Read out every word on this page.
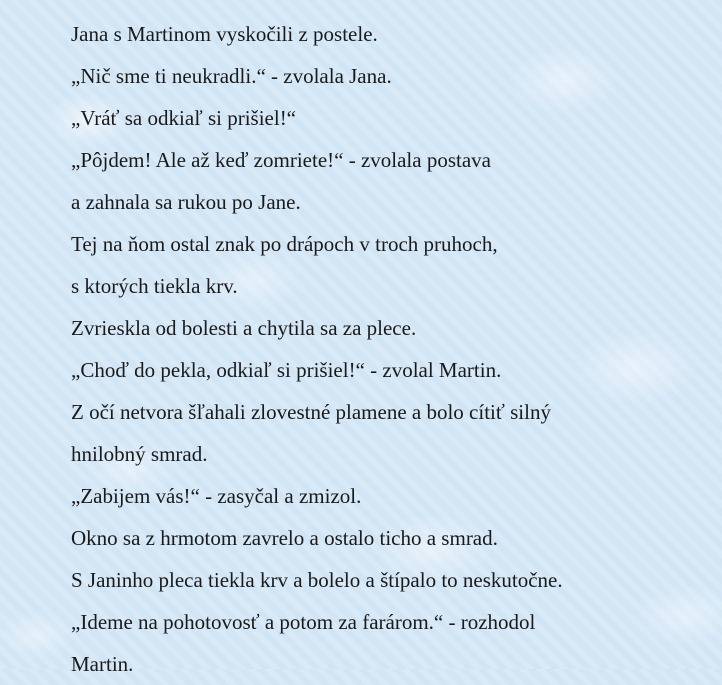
Jana s Martinom vyskočili z postele.
„Nič sme ti neukradli.“ - zvolala Jana.
„Vráť sa odkiaľ si prišiel!“
„Pôjdem! Ale až keď zomriete!“ - zvolala postava
a zahnala sa rukou po Jane.
Tej na ňom ostal znak po drápoch v troch pruhoch,
s ktorých tiekla krv.
Zvrieskla od bolesti a chytila sa za plece.
„Choď do pekla, odkiaľ si prišiel!“ - zvolal Martin.
Z očí netvora šľahali zlovestné plamene a bolo cítiť silný
hnilobný smrad.
„Zabijem vás!“ - zasyčal a zmizol.
Okno sa z hrmotom zavrelo a ostalo ticho a smrad.
S Janinho pleca tiekla krv a bolelo a štípalo to neskutočne.
„Ideme na pohotovosť a potom za farárom.“ - rozhodol
Martin.
